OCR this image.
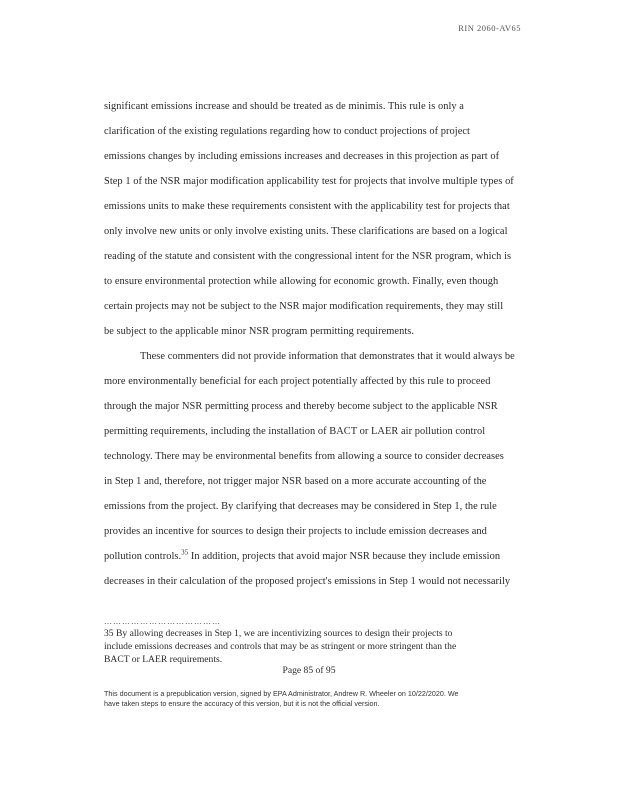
RIN 2060-AV65
significant emissions increase and should be treated as de minimis. This rule is only a
clarification of the existing regulations regarding how to conduct projections of project
emissions changes by including emissions increases and decreases in this projection as part of
Step 1 of the NSR major modification applicability test for projects that involve multiple types of
emissions units to make these requirements consistent with the applicability test for projects that
only involve new units or only involve existing units. These clarifications are based on a logical
reading of the statute and consistent with the congressional intent for the NSR program, which is
to ensure environmental protection while allowing for economic growth. Finally, even though
certain projects may not be subject to the NSR major modification requirements, they may still
be subject to the applicable minor NSR program permitting requirements.
These commenters did not provide information that demonstrates that it would always be
more environmentally beneficial for each project potentially affected by this rule to proceed
through the major NSR permitting process and thereby become subject to the applicable NSR
permitting requirements, including the installation of BACT or LAER air pollution control
technology. There may be environmental benefits from allowing a source to consider decreases
in Step 1 and, therefore, not trigger major NSR based on a more accurate accounting of the
emissions from the project. By clarifying that decreases may be considered in Step 1, the rule
provides an incentive for sources to design their projects to include emission decreases and
pollution controls.$^{35}$ In addition, projects that avoid major NSR because they include emission
decreases in their calculation of the proposed project's emissions in Step 1 would not necessarily
…………………………………
35 By allowing decreases in Step 1, we are incentivizing sources to design their projects to
include emissions decreases and controls that may be as stringent or more stringent than the
BACT or LAER requirements.
Page 85 of 95
This document is a prepublication version, signed by EPA Administrator, Andrew R. Wheeler on 10/22/2020. We
have taken steps to ensure the accuracy of this version, but it is not the official version.
